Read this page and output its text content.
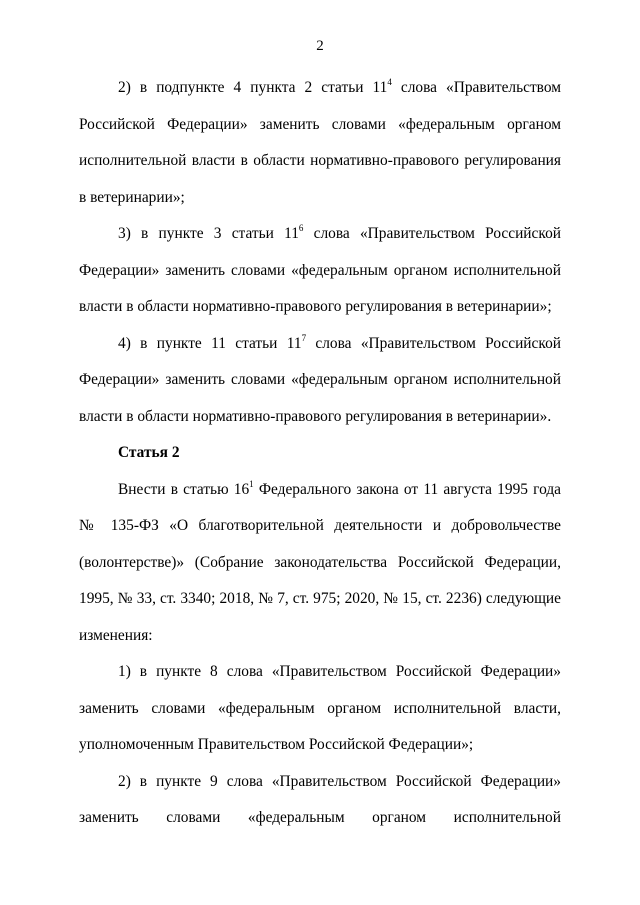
2

2) в подпункте 4 пункта 2 статьи $11^4$ слова «Правительством Российской Федерации» заменить словами «федеральным органом исполнительной власти в области нормативно-правового регулирования в ветеринарии»;

3) в пункте 3 статьи $11^6$ слова «Правительством Российской Федерации» заменить словами «федеральным органом исполнительной власти в области нормативно-правового регулирования в ветеринарии»;

4) в пункте 11 статьи $11^7$ слова «Правительством Российской Федерации» заменить словами «федеральным органом исполнительной власти в области нормативно-правового регулирования в ветеринарии».

Статья 2

Внести в статью $16^1$ Федерального закона от 11 августа 1995 года № 135-ФЗ «О благотворительной деятельности и добровольчестве (волонтерстве)» (Собрание законодательства Российской Федерации, 1995, № 33, ст. 3340; 2018, № 7, ст. 975; 2020, № 15, ст. 2236) следующие изменения:

1) в пункте 8 слова «Правительством Российской Федерации» заменить словами «федеральным органом исполнительной власти, уполномоченным Правительством Российской Федерации»;

2) в пункте 9 слова «Правительством Российской Федерации» заменить словами «федеральным органом исполнительной
